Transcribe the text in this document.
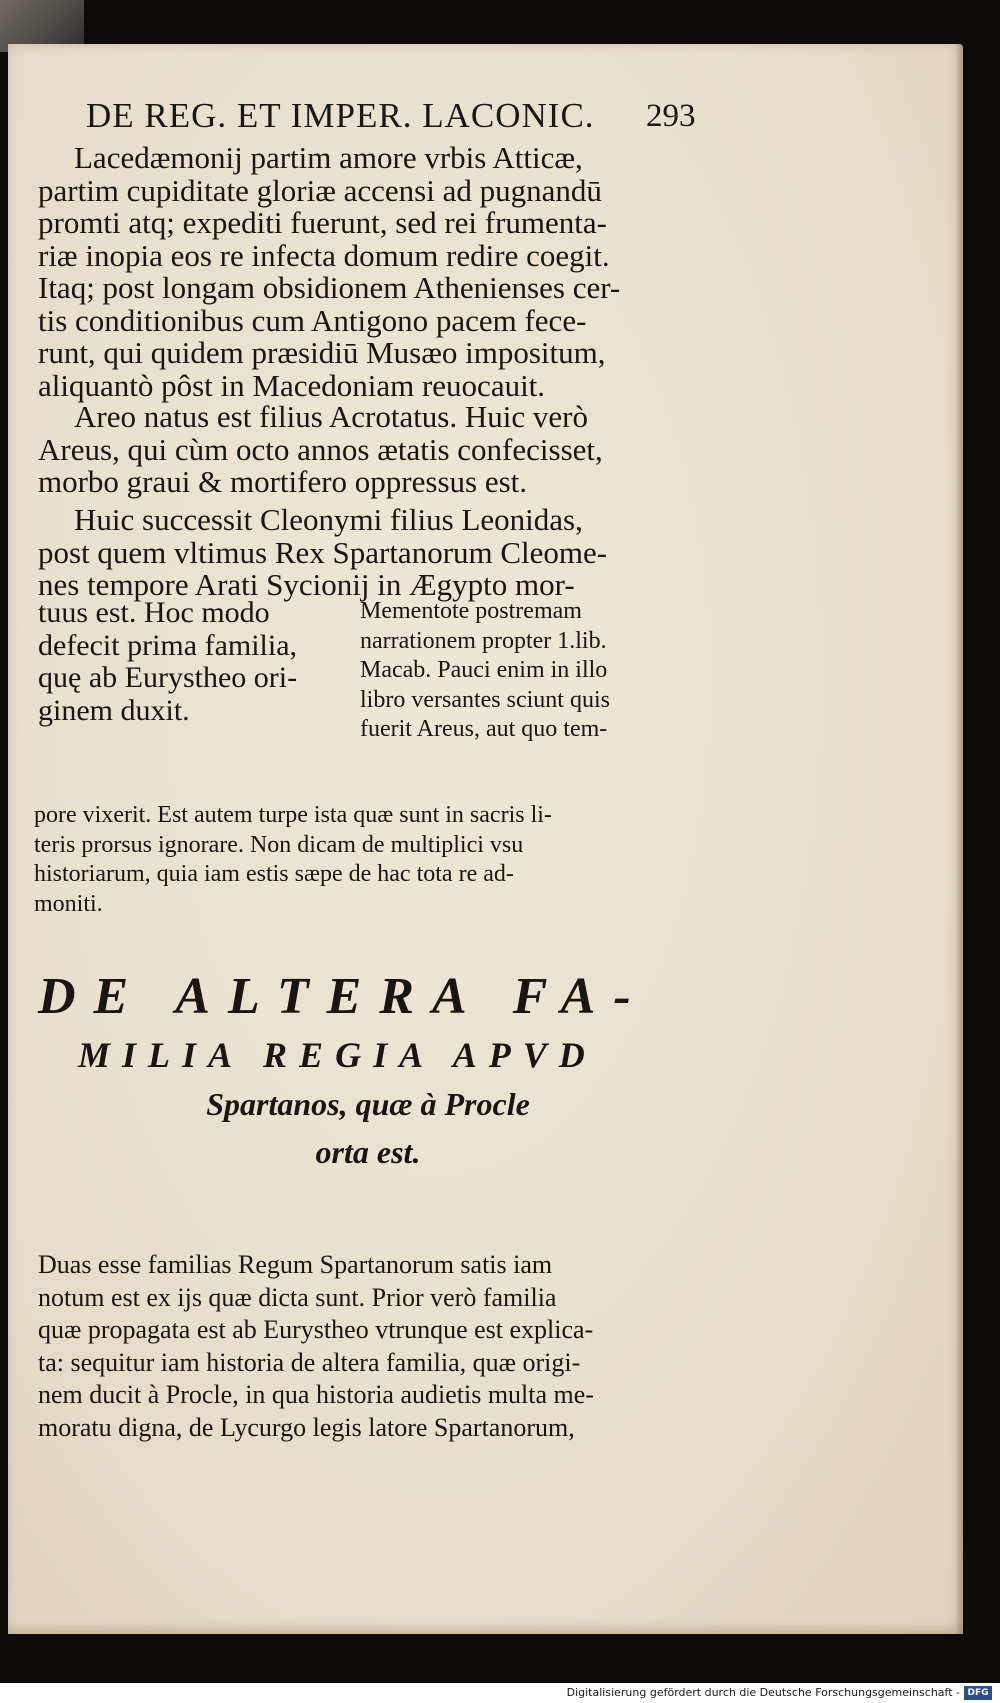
DE REG. ET IMPER. LACONIC. 293
Lacedæmonij partim amore vrbis Atticæ,
partim cupiditate gloriæ accensi ad pugnandū
promti atq; expediti fuerunt, sed rei frumenta-
riæ inopia eos re infecta domum redire coegit.
Itaq; post longam obsidionem Athenienses cer-
tis conditionibus cum Antigono pacem fece-
runt, qui quidem præsidiū Musæo impositum,
aliquantò pôst in Macedoniam reuocauit.
Areo natus est filius Acrotatus. Huic verò
Areus, qui cùm octo annos ætatis confecisset,
morbo graui & mortifero oppressus est.
Huic successit Cleonymi filius Leonidas,
post quem vltimus Rex Spartanorum Cleome-
nes tempore Arati Sycionij in Ægypto mor-
tuus est. Hoc modo
defecit prima familia,
quę ab Eurystheo ori-
ginem duxit.
Mementote postremam
narrationem propter 1.lib.
Macab. Pauci enim in illo
libro versantes sciunt quis
fuerit Areus, aut quo tem-
pore vixerit. Est autem turpe ista quæ sunt in sacris li-
teris prorsus ignorare. Non dicam de multiplici vsu
historiarum, quia iam estis sæpe de hac tota re ad-
moniti.
DE ALTERA FA-
MILIA REGIA APVD
Spartanos, quæ à Procle
orta est.
Duas esse familias Regum Spartanorum satis iam
notum est ex ijs quæ dicta sunt. Prior verò familia
quæ propagata est ab Eurystheo vtrunque est explica-
ta: sequitur iam historia de altera familia, quæ origi-
nem ducit à Procle, in qua historia audietis multa me-
moratu digna, de Lycurgo legis latore Spartanorum,
Digitalisierung gefördert durch die Deutsche Forschungsgemeinschaft - DFG
